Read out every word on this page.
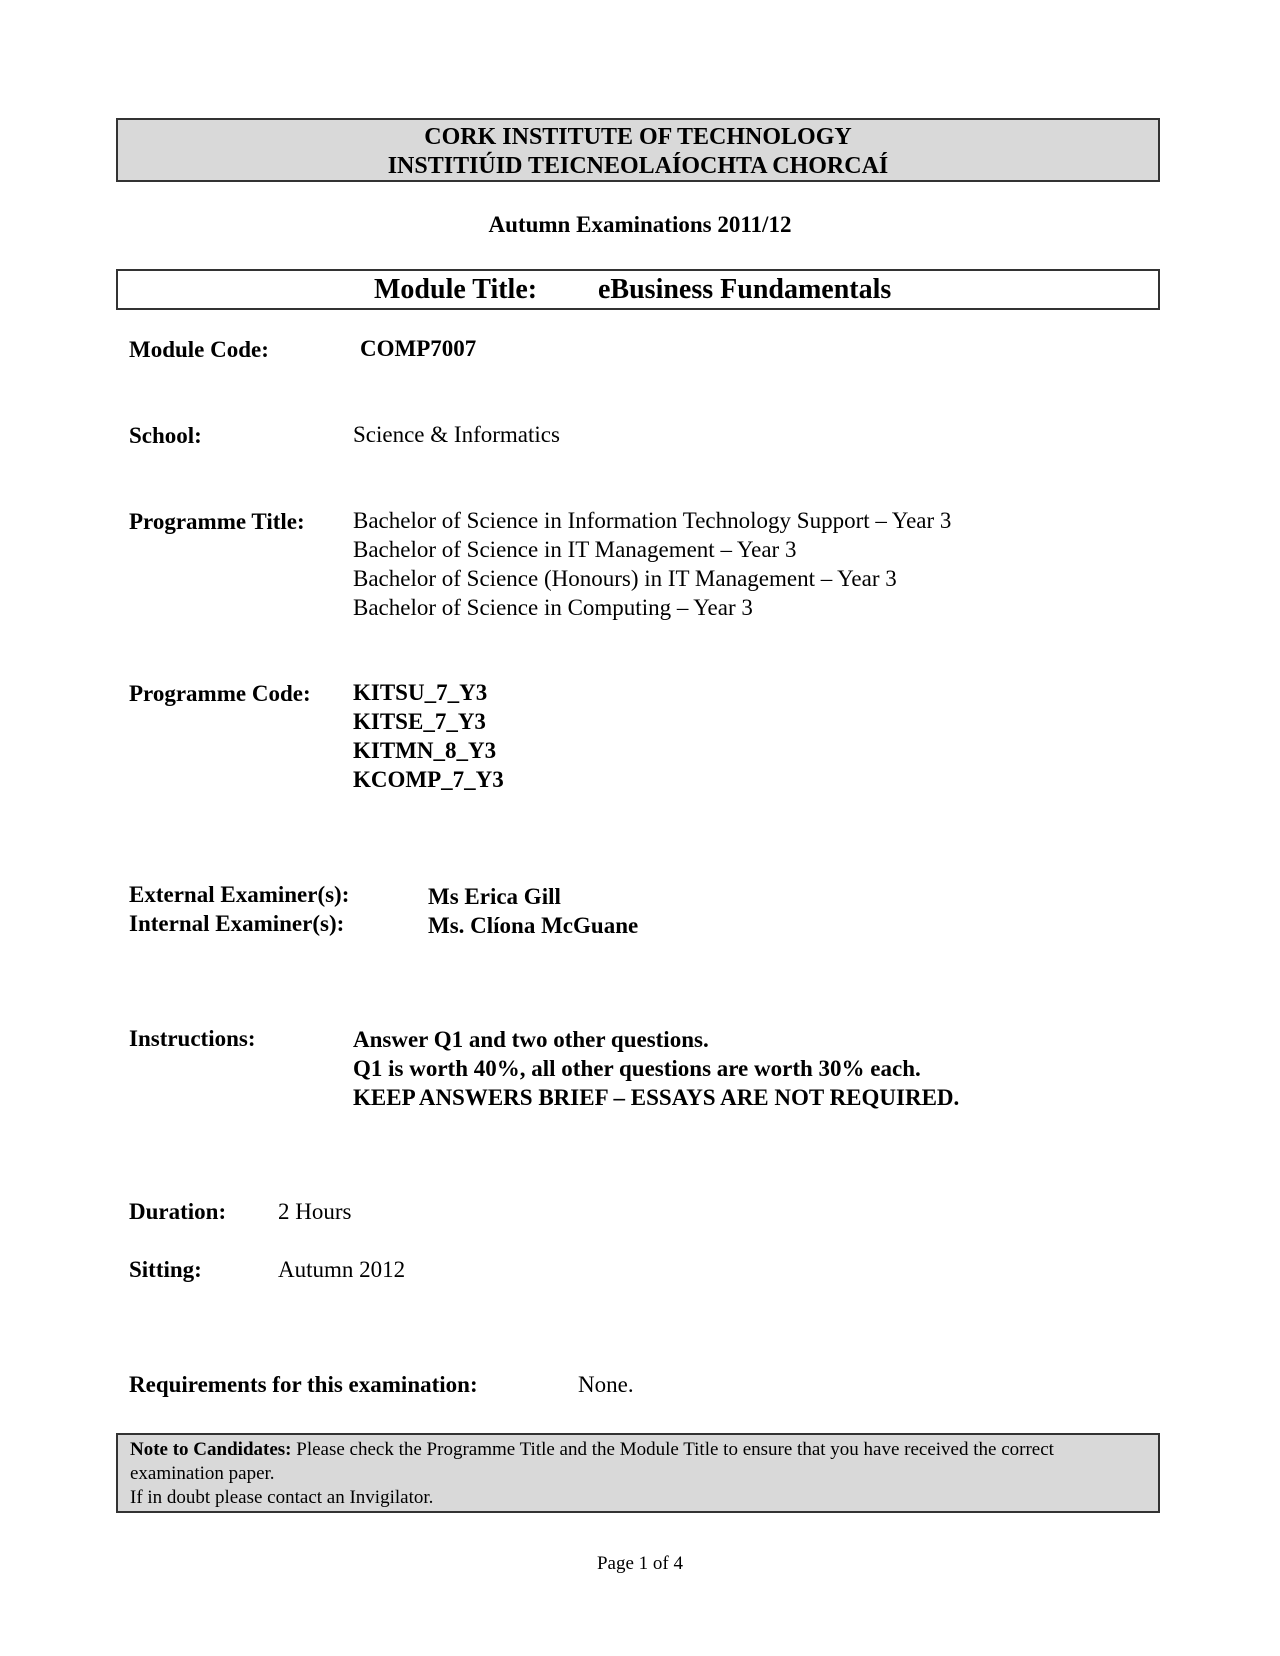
CORK INSTITUTE OF TECHNOLOGY
INSTITIÚID TEICNEOLAÍOCHTA CHORCAÍ
Autumn Examinations 2011/12
Module Title: eBusiness Fundamentals
Module Code:	COMP7007
School:	Science & Informatics
Programme Title: Bachelor of Science in Information Technology Support – Year 3
Bachelor of Science in IT Management – Year 3
Bachelor of Science (Honours) in IT Management – Year 3
Bachelor of Science in Computing – Year 3
Programme Code: KITSU_7_Y3
KITSE_7_Y3
KITMN_8_Y3
KCOMP_7_Y3
External Examiner(s):	Ms Erica Gill
Internal Examiner(s):	Ms. Clíona McGuane
Instructions:	Answer Q1 and two other questions.
Q1 is worth 40%, all other questions are worth 30% each.
KEEP ANSWERS BRIEF – ESSAYS ARE NOT REQUIRED.
Duration: 2 Hours
Sitting:	Autumn 2012
Requirements for this examination:	None.
Note to Candidates: Please check the Programme Title and the Module Title to ensure that you have received the correct examination paper.
If in doubt please contact an Invigilator.
Page 1 of 4
